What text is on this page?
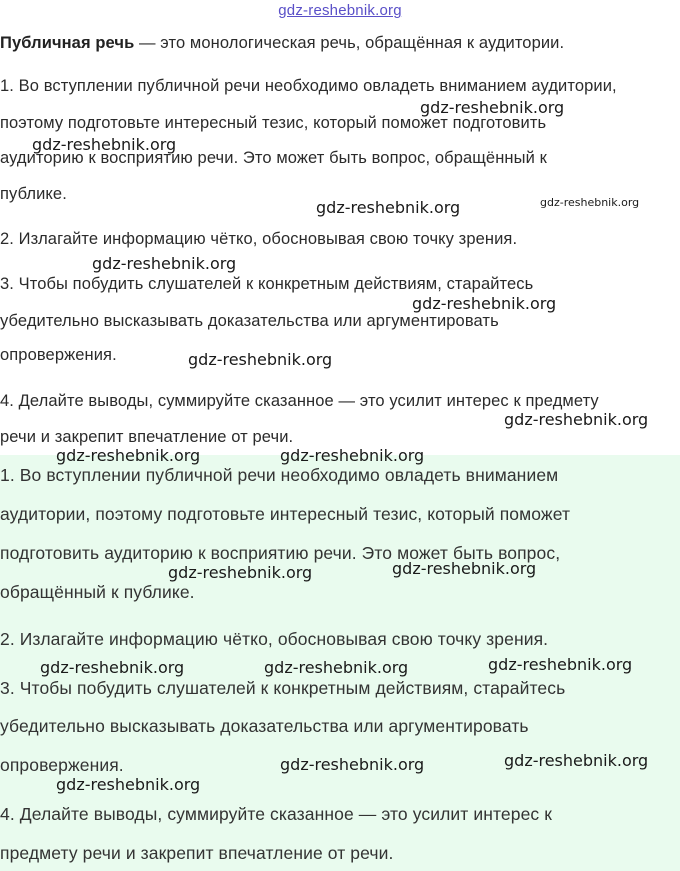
gdz-reshebnik.org

Публичная речь — это монологическая речь, обращённая к аудитории.

1. Во вступлении публичной речи необходимо овладеть вниманием аудитории,

поэтому подготовьте интересный тезис, который поможет подготовить

аудиторию к восприятию речи. Это может быть вопрос, обращённый к

публике.

2. Излагайте информацию чётко, обосновывая свою точку зрения.

3. Чтобы побудить слушателей к конкретным действиям, старайтесь

убедительно высказывать доказательства или аргументировать

опровержения.

4. Делайте выводы, суммируйте сказанное — это усилит интерес к предмету

речи и закрепит впечатление от речи.

1. Во вступлении публичной речи необходимо овладеть вниманием

аудитории, поэтому подготовьте интересный тезис, который поможет

подготовить аудиторию к восприятию речи. Это может быть вопрос,

обращённый к публике.

2. Излагайте информацию чётко, обосновывая свою точку зрения.

3. Чтобы побудить слушателей к конкретным действиям, старайтесь

убедительно высказывать доказательства или аргументировать

опровержения.

4. Делайте выводы, суммируйте сказанное — это усилит интерес к

предмету речи и закрепит впечатление от речи.

gdz-reshebnik.org
gdz-reshebnik.org
gdz-reshebnik.org
gdz-reshebnik.org
gdz-reshebnik.org
gdz-reshebnik.org
gdz-reshebnik.org
gdz-reshebnik.org
gdz-reshebnik.org	gdz-reshebnik.org
gdz-reshebnik.org	gdz-reshebnik.org
gdz-reshebnik.org	gdz-reshebnik.org	gdz-reshebnik.org
gdz-reshebnik.org	gdz-reshebnik.org
gdz-reshebnik.org
